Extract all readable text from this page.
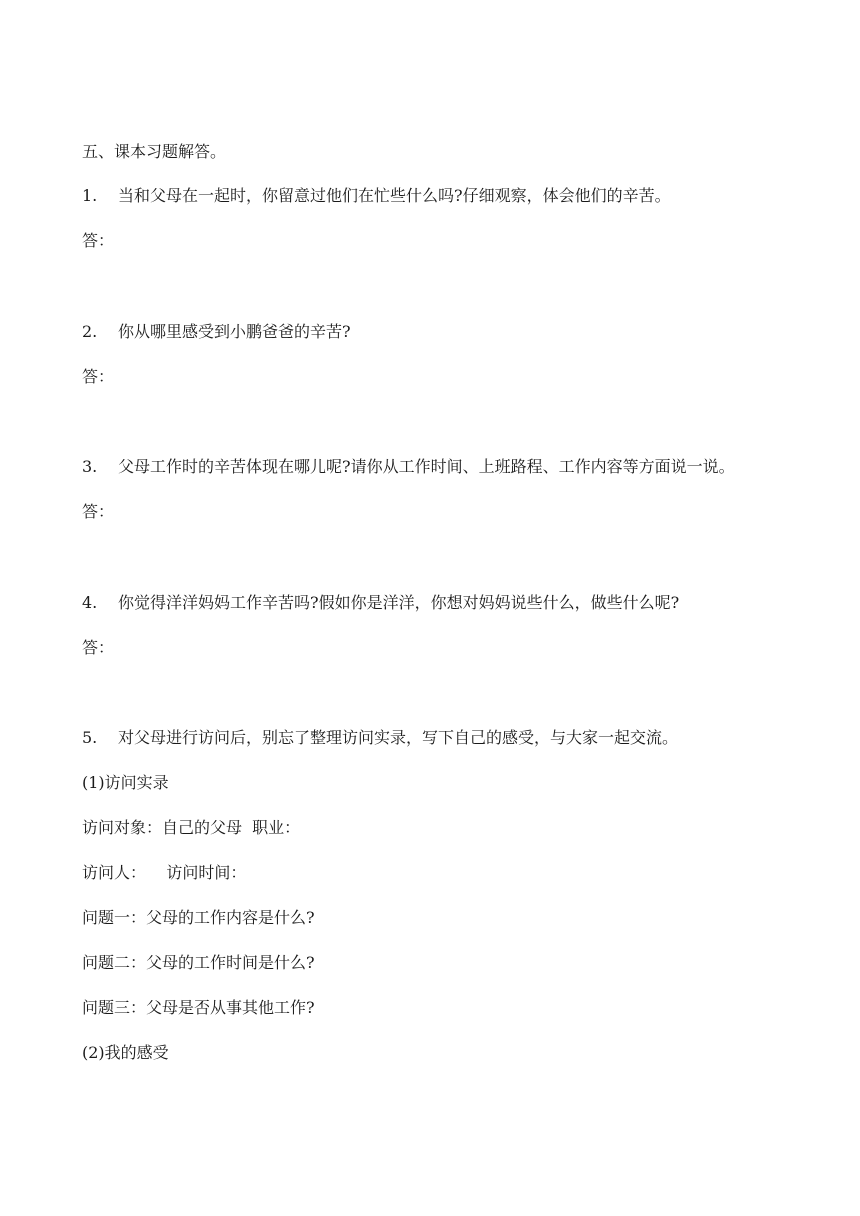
五、课本习题解答。
1. 当和父母在一起时，你留意过他们在忙些什么吗?仔细观察，体会他们的辛苦。
答：
2. 你从哪里感受到小鹏爸爸的辛苦?
答：
3. 父母工作时的辛苦体现在哪儿呢?请你从工作时间、上班路程、工作内容等方面说一说。
答：
4. 你觉得洋洋妈妈工作辛苦吗?假如你是洋洋，你想对妈妈说些什么，做些什么呢?
答：
5. 对父母进行访问后，别忘了整理访问实录，写下自己的感受，与大家一起交流。
(1)访问实录
访问对象：自己的父母  职业：
访问人：    访问时间：
问题一：父母的工作内容是什么?
问题二：父母的工作时间是什么?
问题三：父母是否从事其他工作?
(2)我的感受
